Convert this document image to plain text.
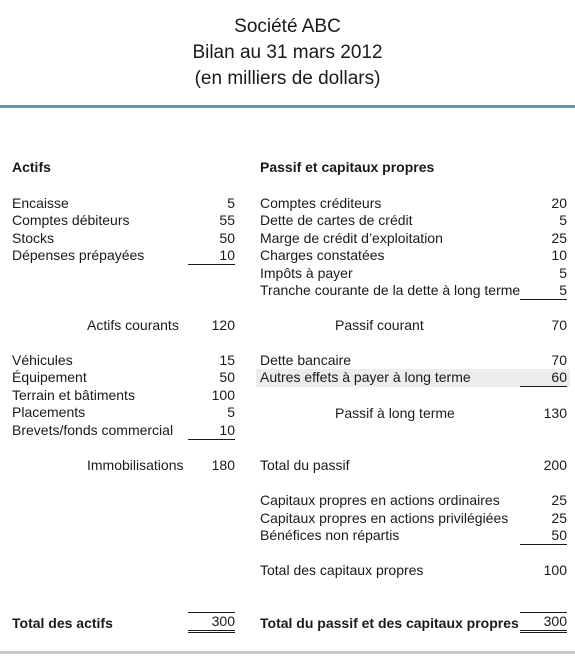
Société ABC
Bilan au 31 mars 2012
(en milliers de dollars)
Actifs	Passif et capitaux propres
Encaisse	5
Comptes débiteurs	55
Stocks	50
Dépenses prépayées	10
Actifs courants	120
Véhicules	15
Équipement	50
Terrain et bâtiments	100
Placements	5
Brevets/fonds commercial	10
Immobilisations	180
Total des actifs	300
Comptes créditeurs	20
Dette de cartes de crédit	5
Marge de crédit d’exploitation	25
Charges constatées	10
Impôts à payer	5
Tranche courante de la dette à long terme	5
Passif courant	70
Dette bancaire	70
Autres effets à payer à long terme	60
Passif à long terme	130
Total du passif	200
Capitaux propres en actions ordinaires	25
Capitaux propres en actions privilégiées	25
Bénéfices non répartis	50
Total des capitaux propres	100
Total du passif et des capitaux propres	300
